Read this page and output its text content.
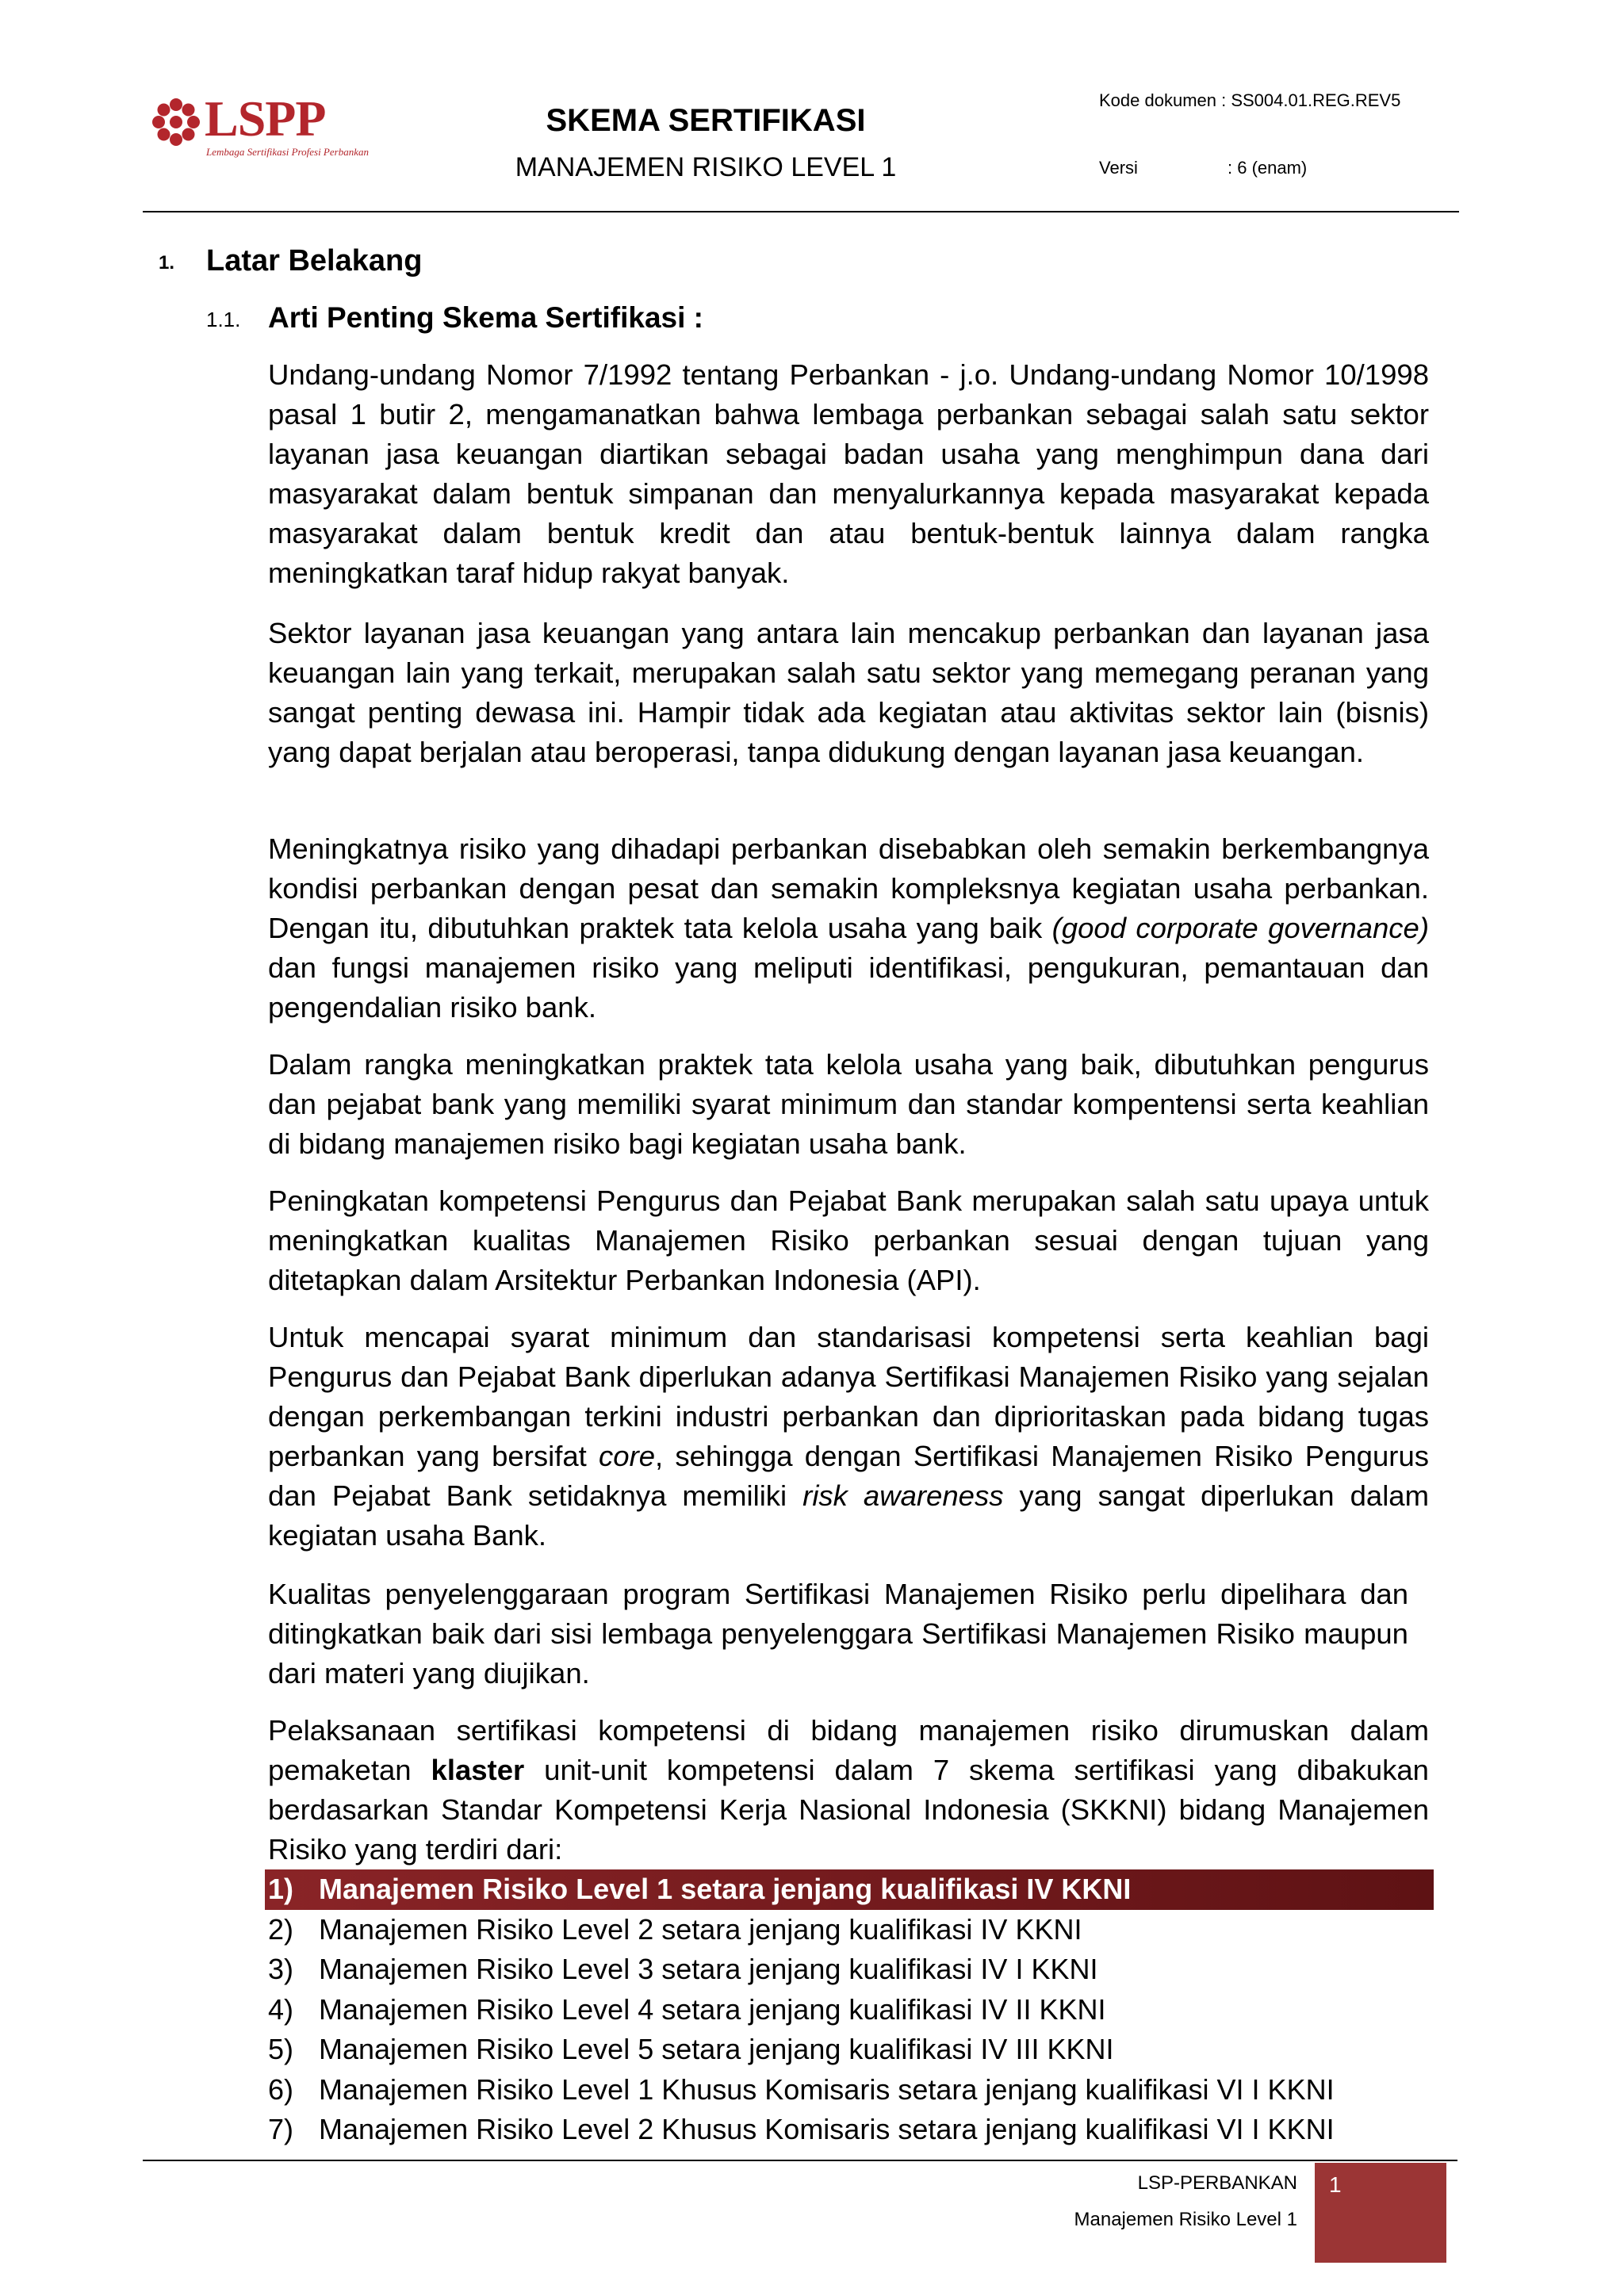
LSPP
Lembaga Sertifikasi Profesi Perbankan
SKEMA SERTIFIKASI
MANAJEMEN RISIKO LEVEL 1
Kode dokumen : SS004.01.REG.REV5
Versi	: 6 (enam)
1. Latar Belakang
1.1. Arti Penting Skema Sertifikasi :
Undang-undang Nomor 7/1992 tentang Perbankan - j.o. Undang-undang Nomor 10/1998 pasal 1 butir 2, mengamanatkan bahwa lembaga perbankan sebagai salah satu sektor layanan jasa keuangan diartikan sebagai badan usaha yang menghimpun dana dari masyarakat dalam bentuk simpanan dan menyalurkannya kepada masyarakat kepada masyarakat dalam bentuk kredit dan atau bentuk-bentuk lainnya dalam rangka meningkatkan taraf hidup rakyat banyak.
Sektor layanan jasa keuangan yang antara lain mencakup perbankan dan layanan jasa keuangan lain yang terkait, merupakan salah satu sektor yang memegang peranan yang sangat penting dewasa ini. Hampir tidak ada kegiatan atau aktivitas sektor lain (bisnis) yang dapat berjalan atau beroperasi, tanpa didukung dengan layanan jasa keuangan.
Meningkatnya risiko yang dihadapi perbankan disebabkan oleh semakin berkembangnya kondisi perbankan dengan pesat dan semakin kompleksnya kegiatan usaha perbankan. Dengan itu, dibutuhkan praktek tata kelola usaha yang baik (good corporate governance) dan fungsi manajemen risiko yang meliputi identifikasi, pengukuran, pemantauan dan pengendalian risiko bank.
Dalam rangka meningkatkan praktek tata kelola usaha yang baik, dibutuhkan pengurus dan pejabat bank yang memiliki syarat minimum dan standar kompentensi serta keahlian di bidang manajemen risiko bagi kegiatan usaha bank.
Peningkatan kompetensi Pengurus dan Pejabat Bank merupakan salah satu upaya untuk meningkatkan kualitas Manajemen Risiko perbankan sesuai dengan tujuan yang ditetapkan dalam Arsitektur Perbankan Indonesia (API).
Untuk mencapai syarat minimum dan standarisasi kompetensi serta keahlian bagi Pengurus dan Pejabat Bank diperlukan adanya Sertifikasi Manajemen Risiko yang sejalan dengan perkembangan terkini industri perbankan dan diprioritaskan pada bidang tugas perbankan yang bersifat core, sehingga dengan Sertifikasi Manajemen Risiko Pengurus dan Pejabat Bank setidaknya memiliki risk awareness yang sangat diperlukan dalam kegiatan usaha Bank.
Kualitas penyelenggaraan program Sertifikasi Manajemen Risiko perlu dipelihara dan ditingkatkan baik dari sisi lembaga penyelenggara Sertifikasi Manajemen Risiko maupun dari materi yang diujikan.
Pelaksanaan sertifikasi kompetensi di bidang manajemen risiko dirumuskan dalam pemaketan klaster unit-unit kompetensi dalam 7 skema sertifikasi yang dibakukan berdasarkan Standar Kompetensi Kerja Nasional Indonesia (SKKNI) bidang Manajemen Risiko yang terdiri dari:
1) Manajemen Risiko Level 1 setara jenjang kualifikasi IV KKNI
2) Manajemen Risiko Level 2 setara jenjang kualifikasi IV KKNI
3) Manajemen Risiko Level 3 setara jenjang kualifikasi IV I KKNI
4) Manajemen Risiko Level 4 setara jenjang kualifikasi IV II KKNI
5) Manajemen Risiko Level 5 setara jenjang kualifikasi IV III KKNI
6) Manajemen Risiko Level 1 Khusus Komisaris setara jenjang kualifikasi VI I KKNI
7) Manajemen Risiko Level 2 Khusus Komisaris setara jenjang kualifikasi VI I KKNI
LSP-PERBANKAN
Manajemen Risiko Level 1
1
